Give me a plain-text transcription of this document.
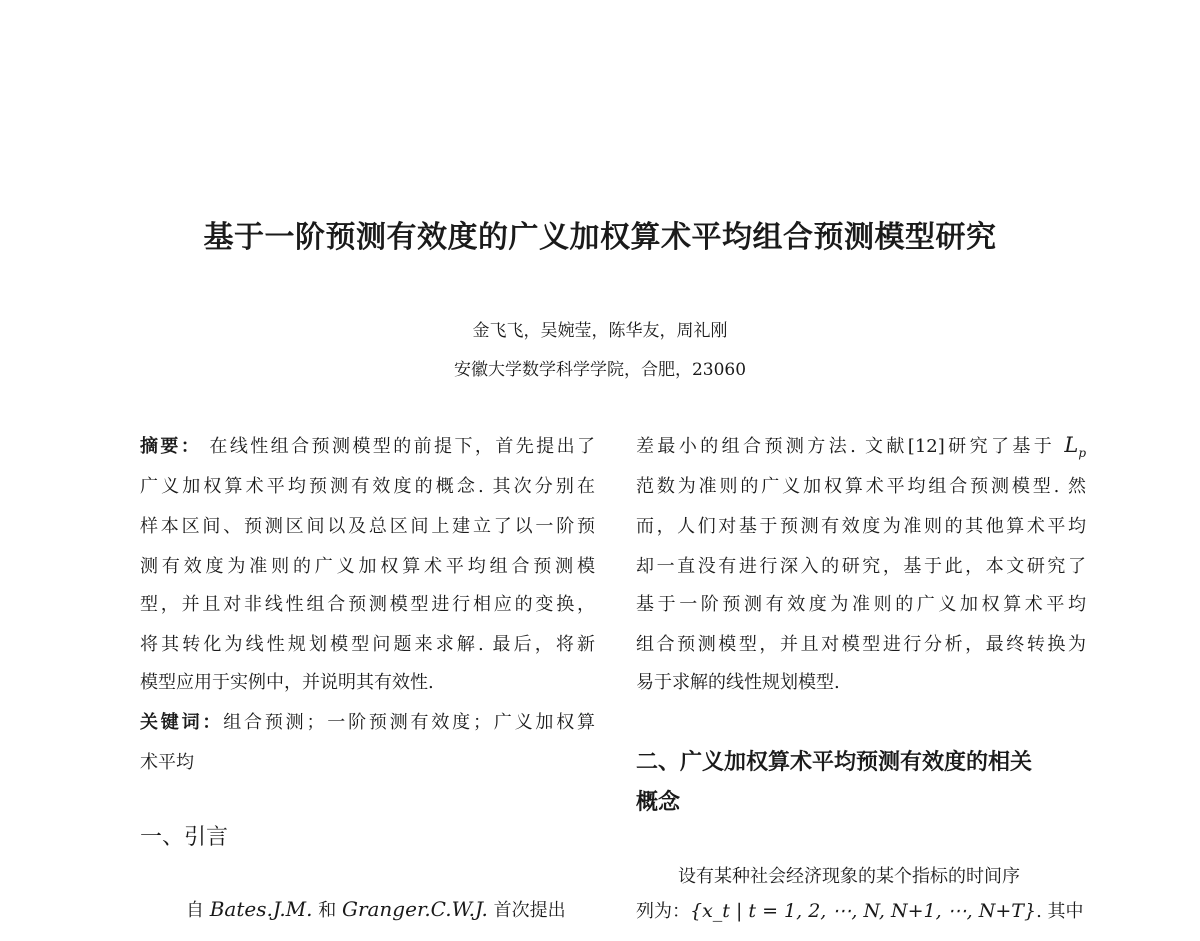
基于一阶预测有效度的广义加权算术平均组合预测模型研究
金飞飞，吴婉莹，陈华友，周礼刚
安徽大学数学科学学院，合肥，23060
摘要： 在线性组合预测模型的前提下，首先提出了
广义加权算术平均预测有效度的概念. 其次分别在
样本区间、预测区间以及总区间上建立了以一阶预
测有效度为准则的广义加权算术平均组合预测模
型，并且对非线性组合预测模型进行相应的变换，
将其转化为线性规划模型问题来求解. 最后，将新
模型应用于实例中，并说明其有效性.
关键词：组合预测；一阶预测有效度；广义加权算
术平均
一、引言
自 Bates.J.M. 和 Granger.C.W.J. 首次提出
差最小的组合预测方法. 文献[12]研究了基于 $L_p$
范数为准则的广义加权算术平均组合预测模型. 然
而，人们对基于预测有效度为准则的其他算术平均
却一直没有进行深入的研究，基于此，本文研究了
基于一阶预测有效度为准则的广义加权算术平均
组合预测模型，并且对模型进行分析，最终转换为
易于求解的线性规划模型.
二、广义加权算术平均预测有效度的相关
概念
设有某种社会经济现象的某个指标的时间序
列为：{x_t | t = 1, 2, ⋯, N, N+1, ⋯, N+T}. 其中
